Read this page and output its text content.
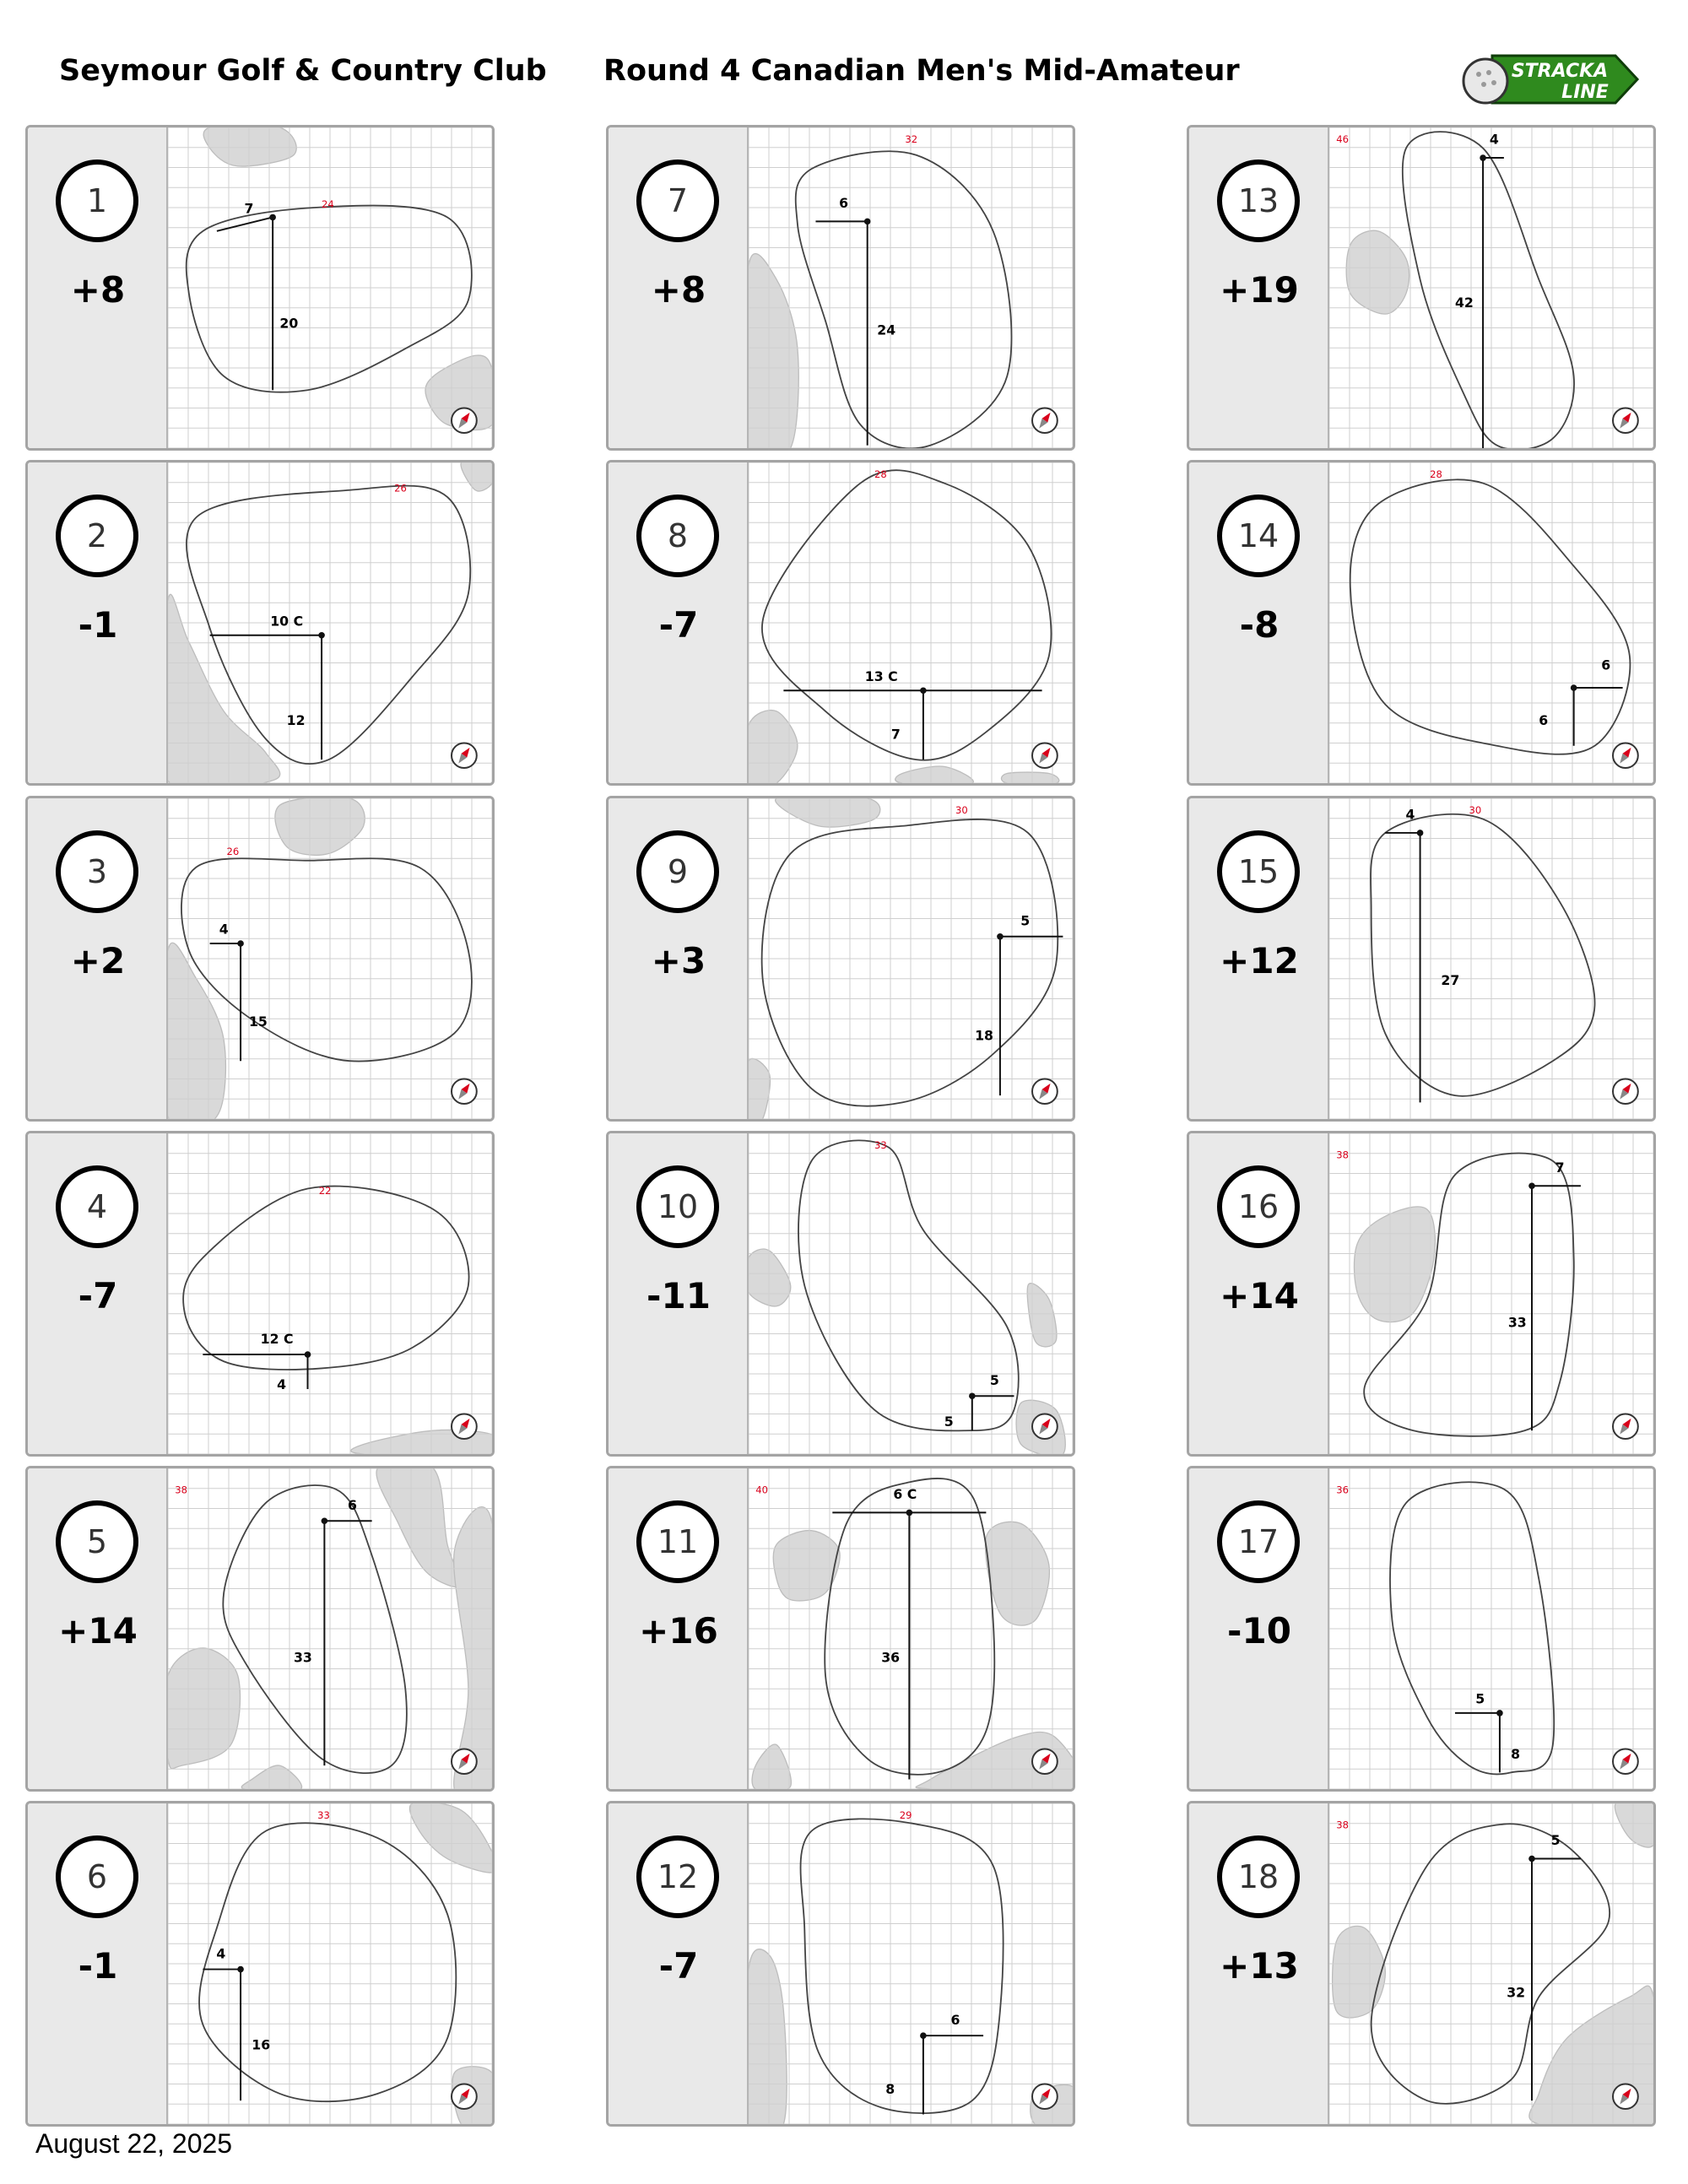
Seymour Golf & Country Club Round 4 Canadian Men's Mid-Amateur	STRACKA
LINE
1
+8
24
7
20
2
-1
26
10 C
12
3
+2
26
4
15
4
-7
22
12 C
4
5
+14
38
6
33
6
-1
33
4
16
7
+8
32
6
24
8
-7
28
13 C
7
9
+3
30
5
18
10
-11
33
5
5
11
+16
40	6 C
36
12
-7
29
6
8
13
+19
46	4
42
14
-8
28
6
6
15
+12
30
4
27
16
+14
38
7
33
17
-10
36
5
8
18
+13
38
5
32
August 22, 2025
